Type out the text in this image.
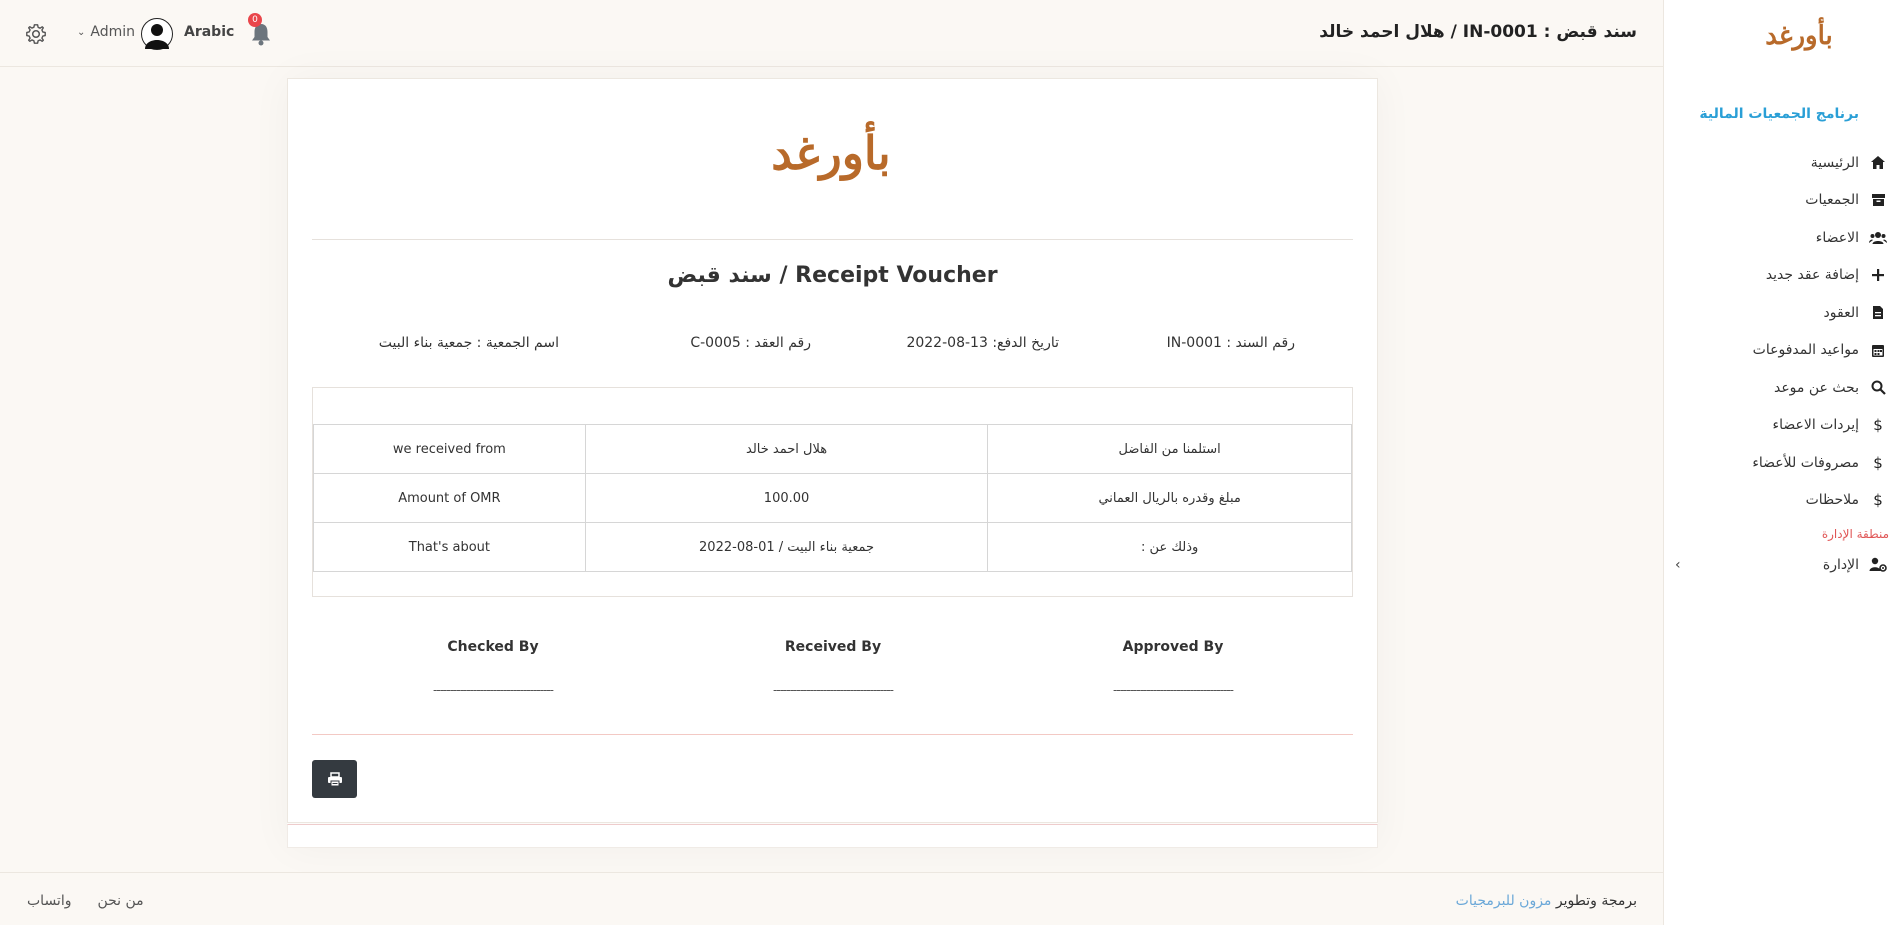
بأورغد
برنامج الجمعيات المالية
الرئيسية
الجمعيات
الاعضاء
إضافة عقد جديد
العقود
مواعيد المدفوعات
بحث عن موعد
$
إيردات الاعضاء
$
مصروفات للأعضاء
$
ملاحظات
منطقة الإدارة
الإدارة
›
سند قبض : IN-0001 / هلال احمد خالد
⌄ Admin	Arabic
0
بأورغد
سند قبض / Receipt Voucher
رقم السند : IN-0001
تاريخ الدفع: 13-08-2022
رقم العقد : C-0005
اسم الجمعية : جمعية بناء البيت
we received from	هلال احمد خالد	استلمنا من الفاضل
Amount of OMR	100.00	مبلغ وقدره بالريال العماني
That's about	جمعية بناء البيت / 01-08-2022	وذلك عن :
Checked By
------------------------------------
Received By
------------------------------------
Approved By
------------------------------------
برمجة وتطوير مزون للبرمجيات
واتساب من نحن
